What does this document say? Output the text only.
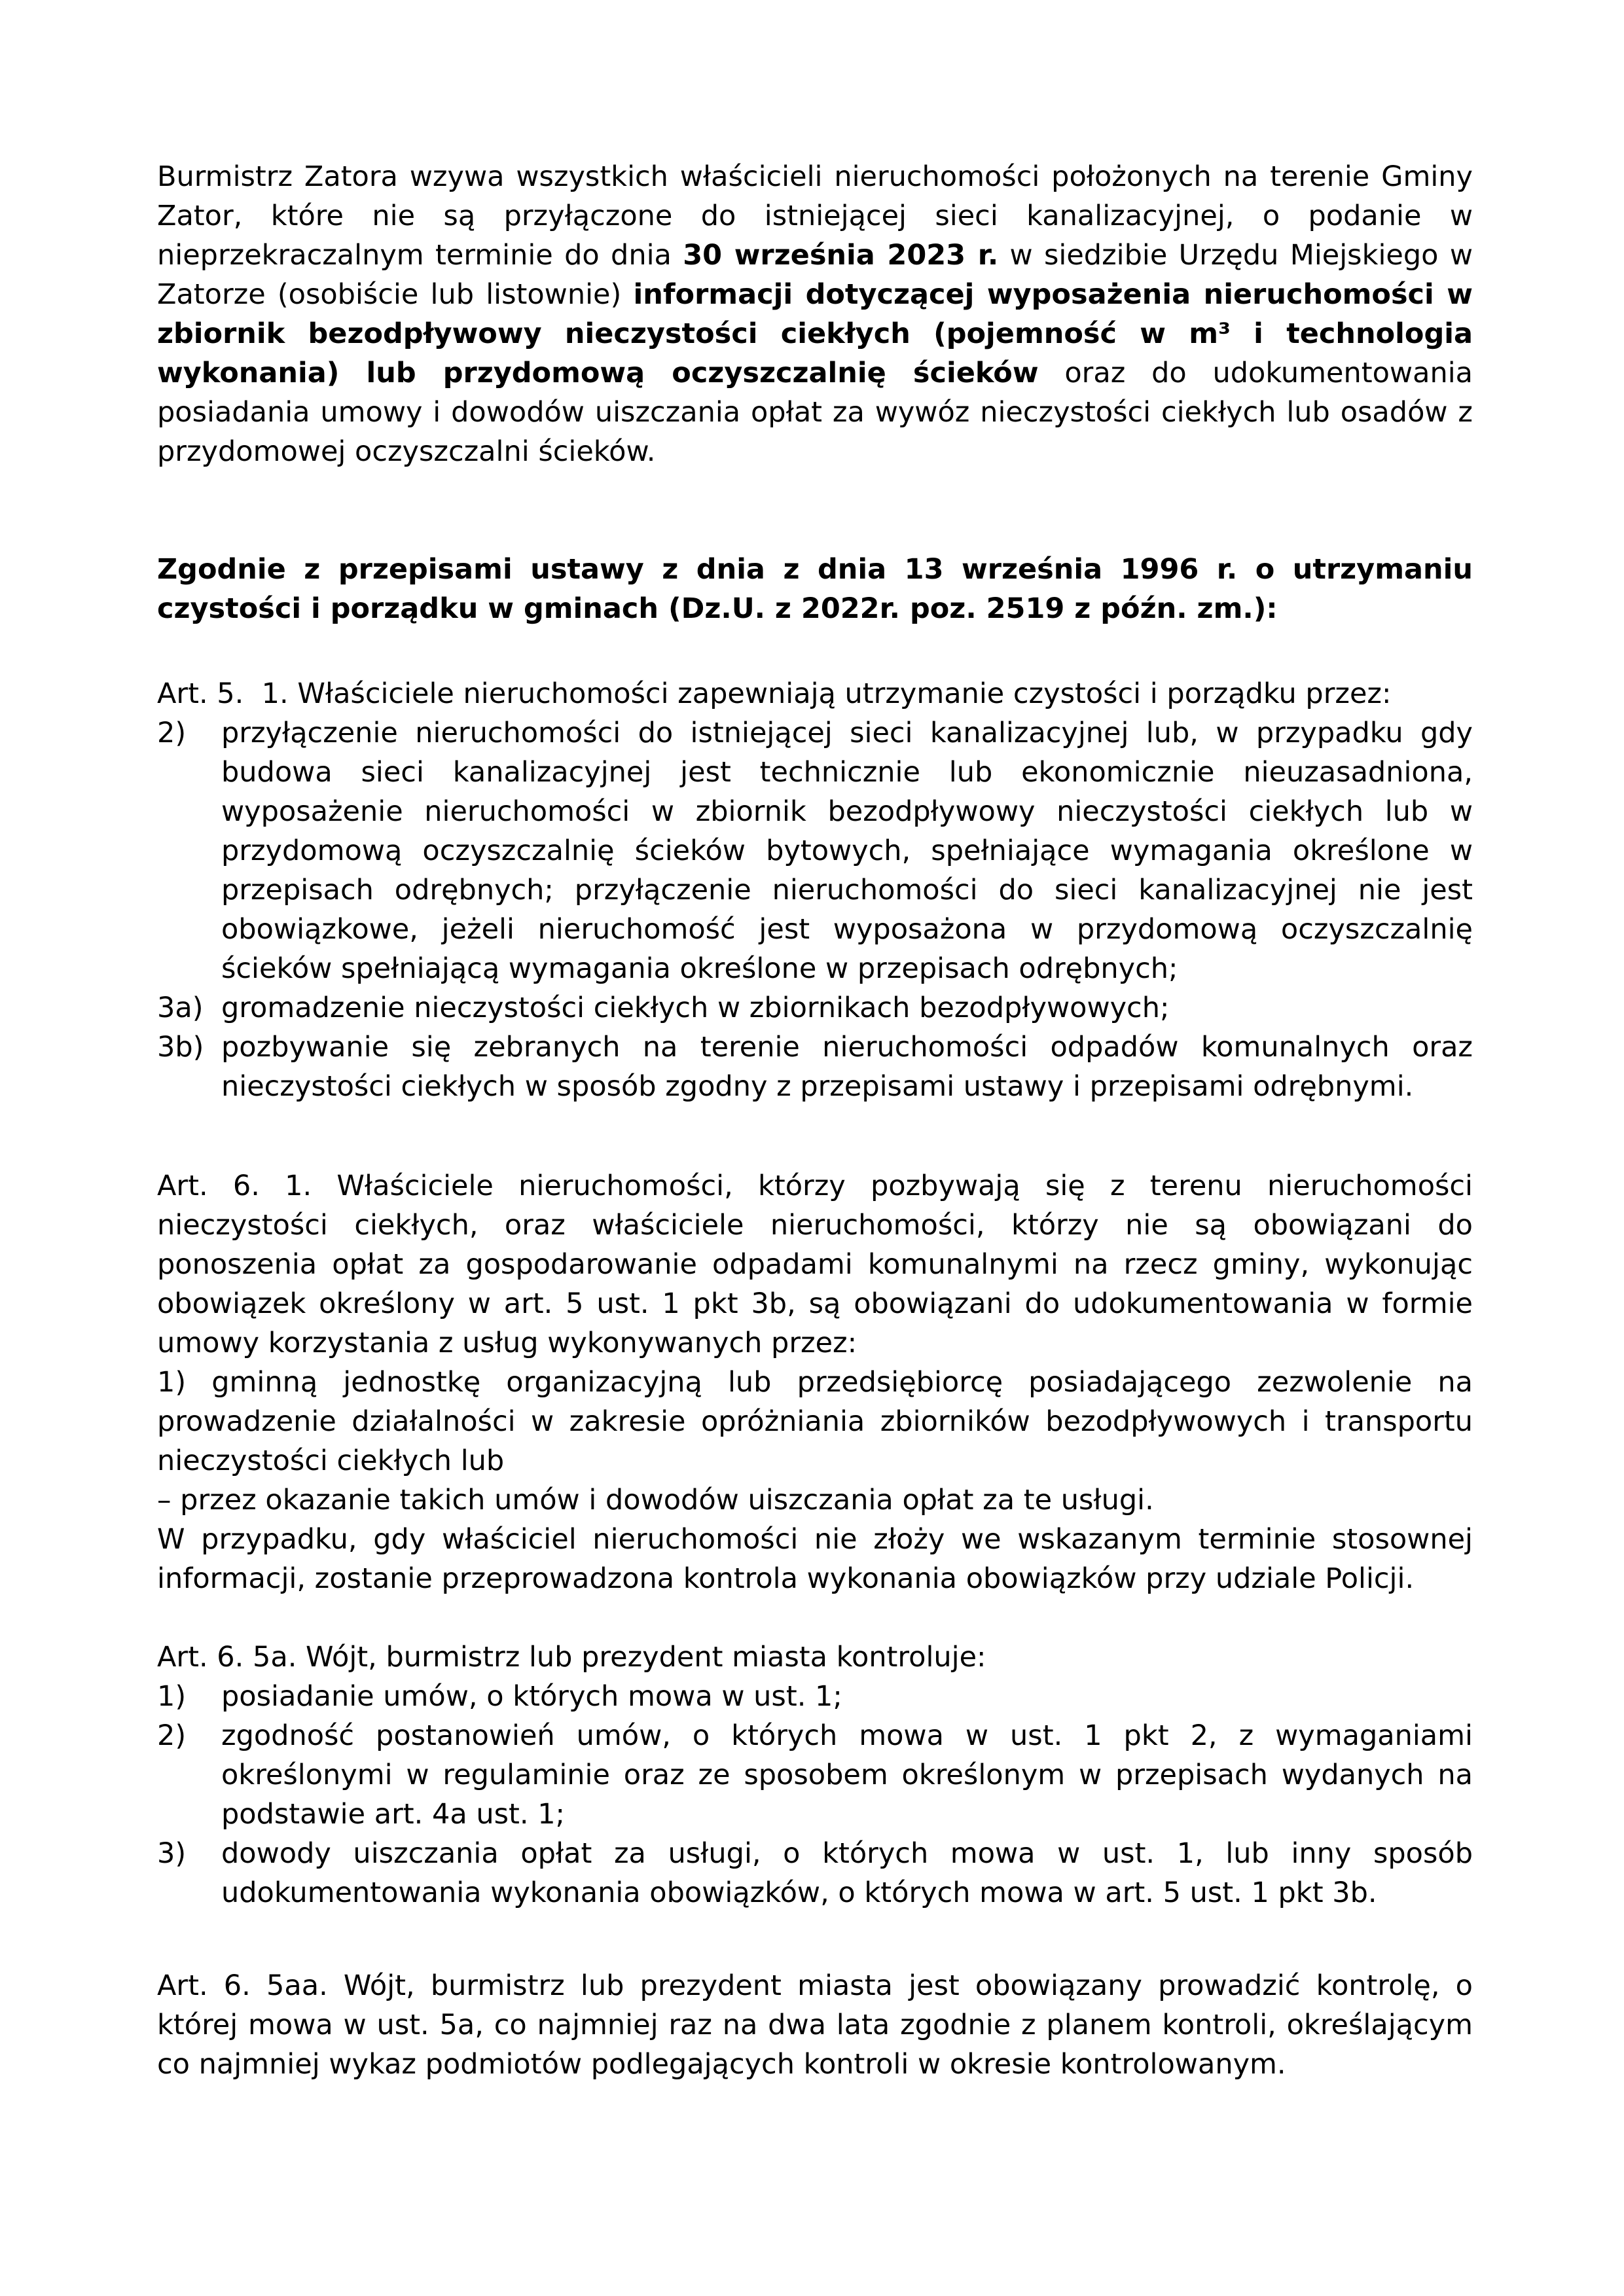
Burmistrz Zatora wzywa wszystkich właścicieli nieruchomości położonych na terenie Gminy Zator, które nie są przyłączone do istniejącej sieci kanalizacyjnej, o podanie w nieprzekraczalnym terminie do dnia 30 września 2023 r. w siedzibie Urzędu Miejskiego w Zatorze (osobiście lub listownie) informacji dotyczącej wyposażenia nieruchomości w zbiornik bezodpływowy nieczystości ciekłych (pojemność w m³ i technologia wykonania) lub przydomową oczyszczalnię ścieków oraz do udokumentowania posiadania umowy i dowodów uiszczania opłat za wywóz nieczystości ciekłych lub osadów z przydomowej oczyszczalni ścieków.

Zgodnie z przepisami ustawy z dnia z dnia 13 września 1996 r. o utrzymaniu czystości i porządku w gminach (Dz.U. z 2022r. poz. 2519 z późn. zm.):

Art. 5.  1. Właściciele nieruchomości zapewniają utrzymanie czystości i porządku przez:

2) przyłączenie nieruchomości do istniejącej sieci kanalizacyjnej lub, w przypadku gdy budowa sieci kanalizacyjnej jest technicznie lub ekonomicznie nieuzasadniona, wyposażenie nieruchomości w zbiornik bezodpływowy nieczystości ciekłych lub w przydomową oczyszczalnię ścieków bytowych, spełniające wymagania określone w przepisach odrębnych; przyłączenie nieruchomości do sieci kanalizacyjnej nie jest obowiązkowe, jeżeli nieruchomość jest wyposażona w przydomową oczyszczalnię ścieków spełniającą wymagania określone w przepisach odrębnych;
3a) gromadzenie nieczystości ciekłych w zbiornikach bezodpływowych;
3b) pozbywanie się zebranych na terenie nieruchomości odpadów komunalnych oraz nieczystości ciekłych w sposób zgodny z przepisami ustawy i przepisami odrębnymi.

Art. 6. 1. Właściciele nieruchomości, którzy pozbywają się z terenu nieruchomości nieczystości ciekłych, oraz właściciele nieruchomości, którzy nie są obowiązani do ponoszenia opłat za gospodarowanie odpadami komunalnymi na rzecz gminy, wykonując obowiązek określony w art. 5 ust. 1 pkt 3b, są obowiązani do udokumentowania w formie umowy korzystania z usług wykonywanych przez:

1) gminną jednostkę organizacyjną lub przedsiębiorcę posiadającego zezwolenie na prowadzenie działalności w zakresie opróżniania zbiorników bezodpływowych i transportu nieczystości ciekłych lub

– przez okazanie takich umów i dowodów uiszczania opłat za te usługi.

W przypadku, gdy właściciel nieruchomości nie złoży we wskazanym terminie stosownej informacji, zostanie przeprowadzona kontrola wykonania obowiązków przy udziale Policji.

Art. 6. 5a. Wójt, burmistrz lub prezydent miasta kontroluje:

1) posiadanie umów, o których mowa w ust. 1;
2) zgodność postanowień umów, o których mowa w ust. 1 pkt 2, z wymaganiami określonymi w regulaminie oraz ze sposobem określonym w przepisach wydanych na podstawie art. 4a ust. 1;
3) dowody uiszczania opłat za usługi, o których mowa w ust. 1, lub inny sposób udokumentowania wykonania obowiązków, o których mowa w art. 5 ust. 1 pkt 3b.

Art. 6. 5aa. Wójt, burmistrz lub prezydent miasta jest obowiązany prowadzić kontrolę, o której mowa w ust. 5a, co najmniej raz na dwa lata zgodnie z planem kontroli, określającym co najmniej wykaz podmiotów podlegających kontroli w okresie kontrolowanym.
